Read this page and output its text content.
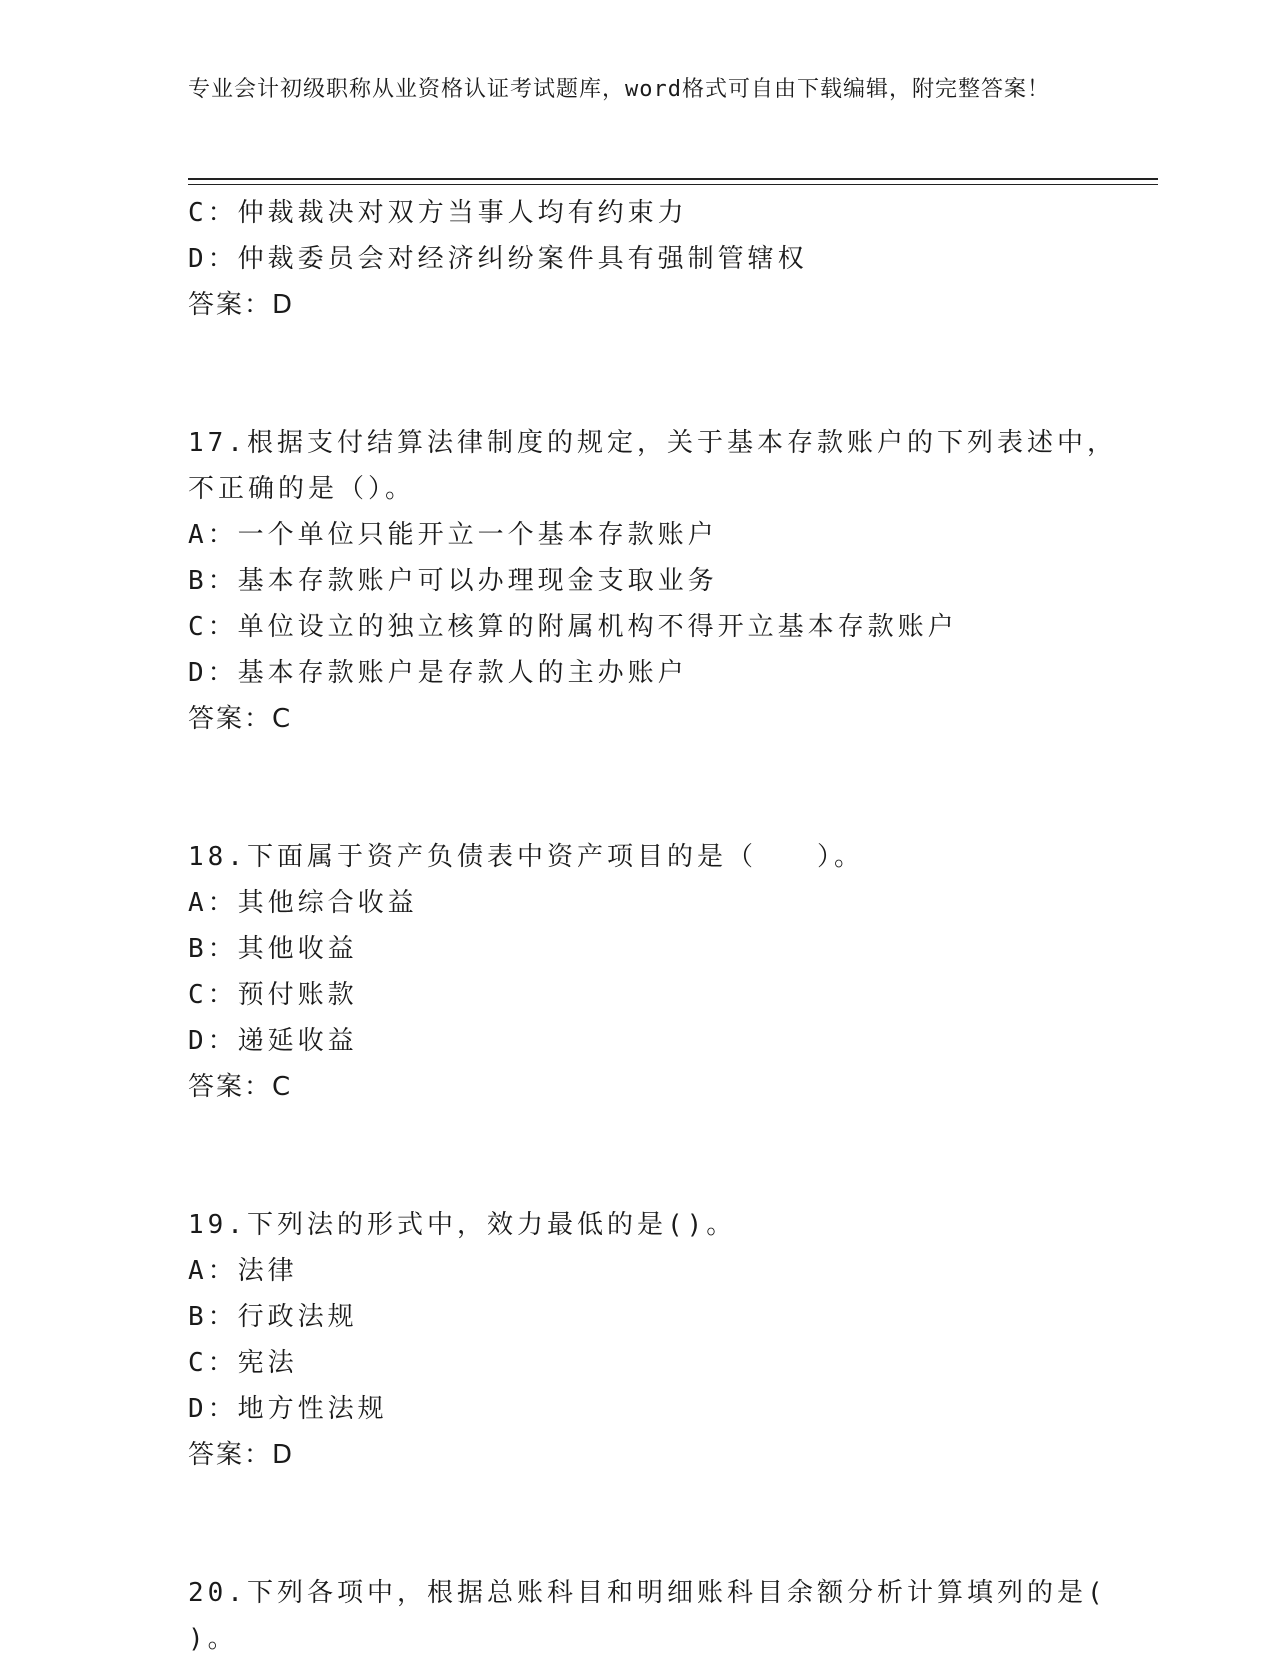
专业会计初级职称从业资格认证考试题库，word格式可自由下载编辑，附完整答案！
C：仲裁裁决对双方当事人均有约束力
D：仲裁委员会对经济纠纷案件具有强制管辖权
答案：D
17.根据支付结算法律制度的规定，关于基本存款账户的下列表述中，
不正确的是（）。
A：一个单位只能开立一个基本存款账户
B：基本存款账户可以办理现金支取业务
C：单位设立的独立核算的附属机构不得开立基本存款账户
D：基本存款账户是存款人的主办账户
答案：C
18.下面属于资产负债表中资产项目的是（　　）。
A：其他综合收益
B：其他收益
C：预付账款
D：递延收益
答案：C
19.下列法的形式中，效力最低的是()。
A：法律
B：行政法规
C：宪法
D：地方性法规
答案：D
20.下列各项中，根据总账科目和明细账科目余额分析计算填列的是(
)。
